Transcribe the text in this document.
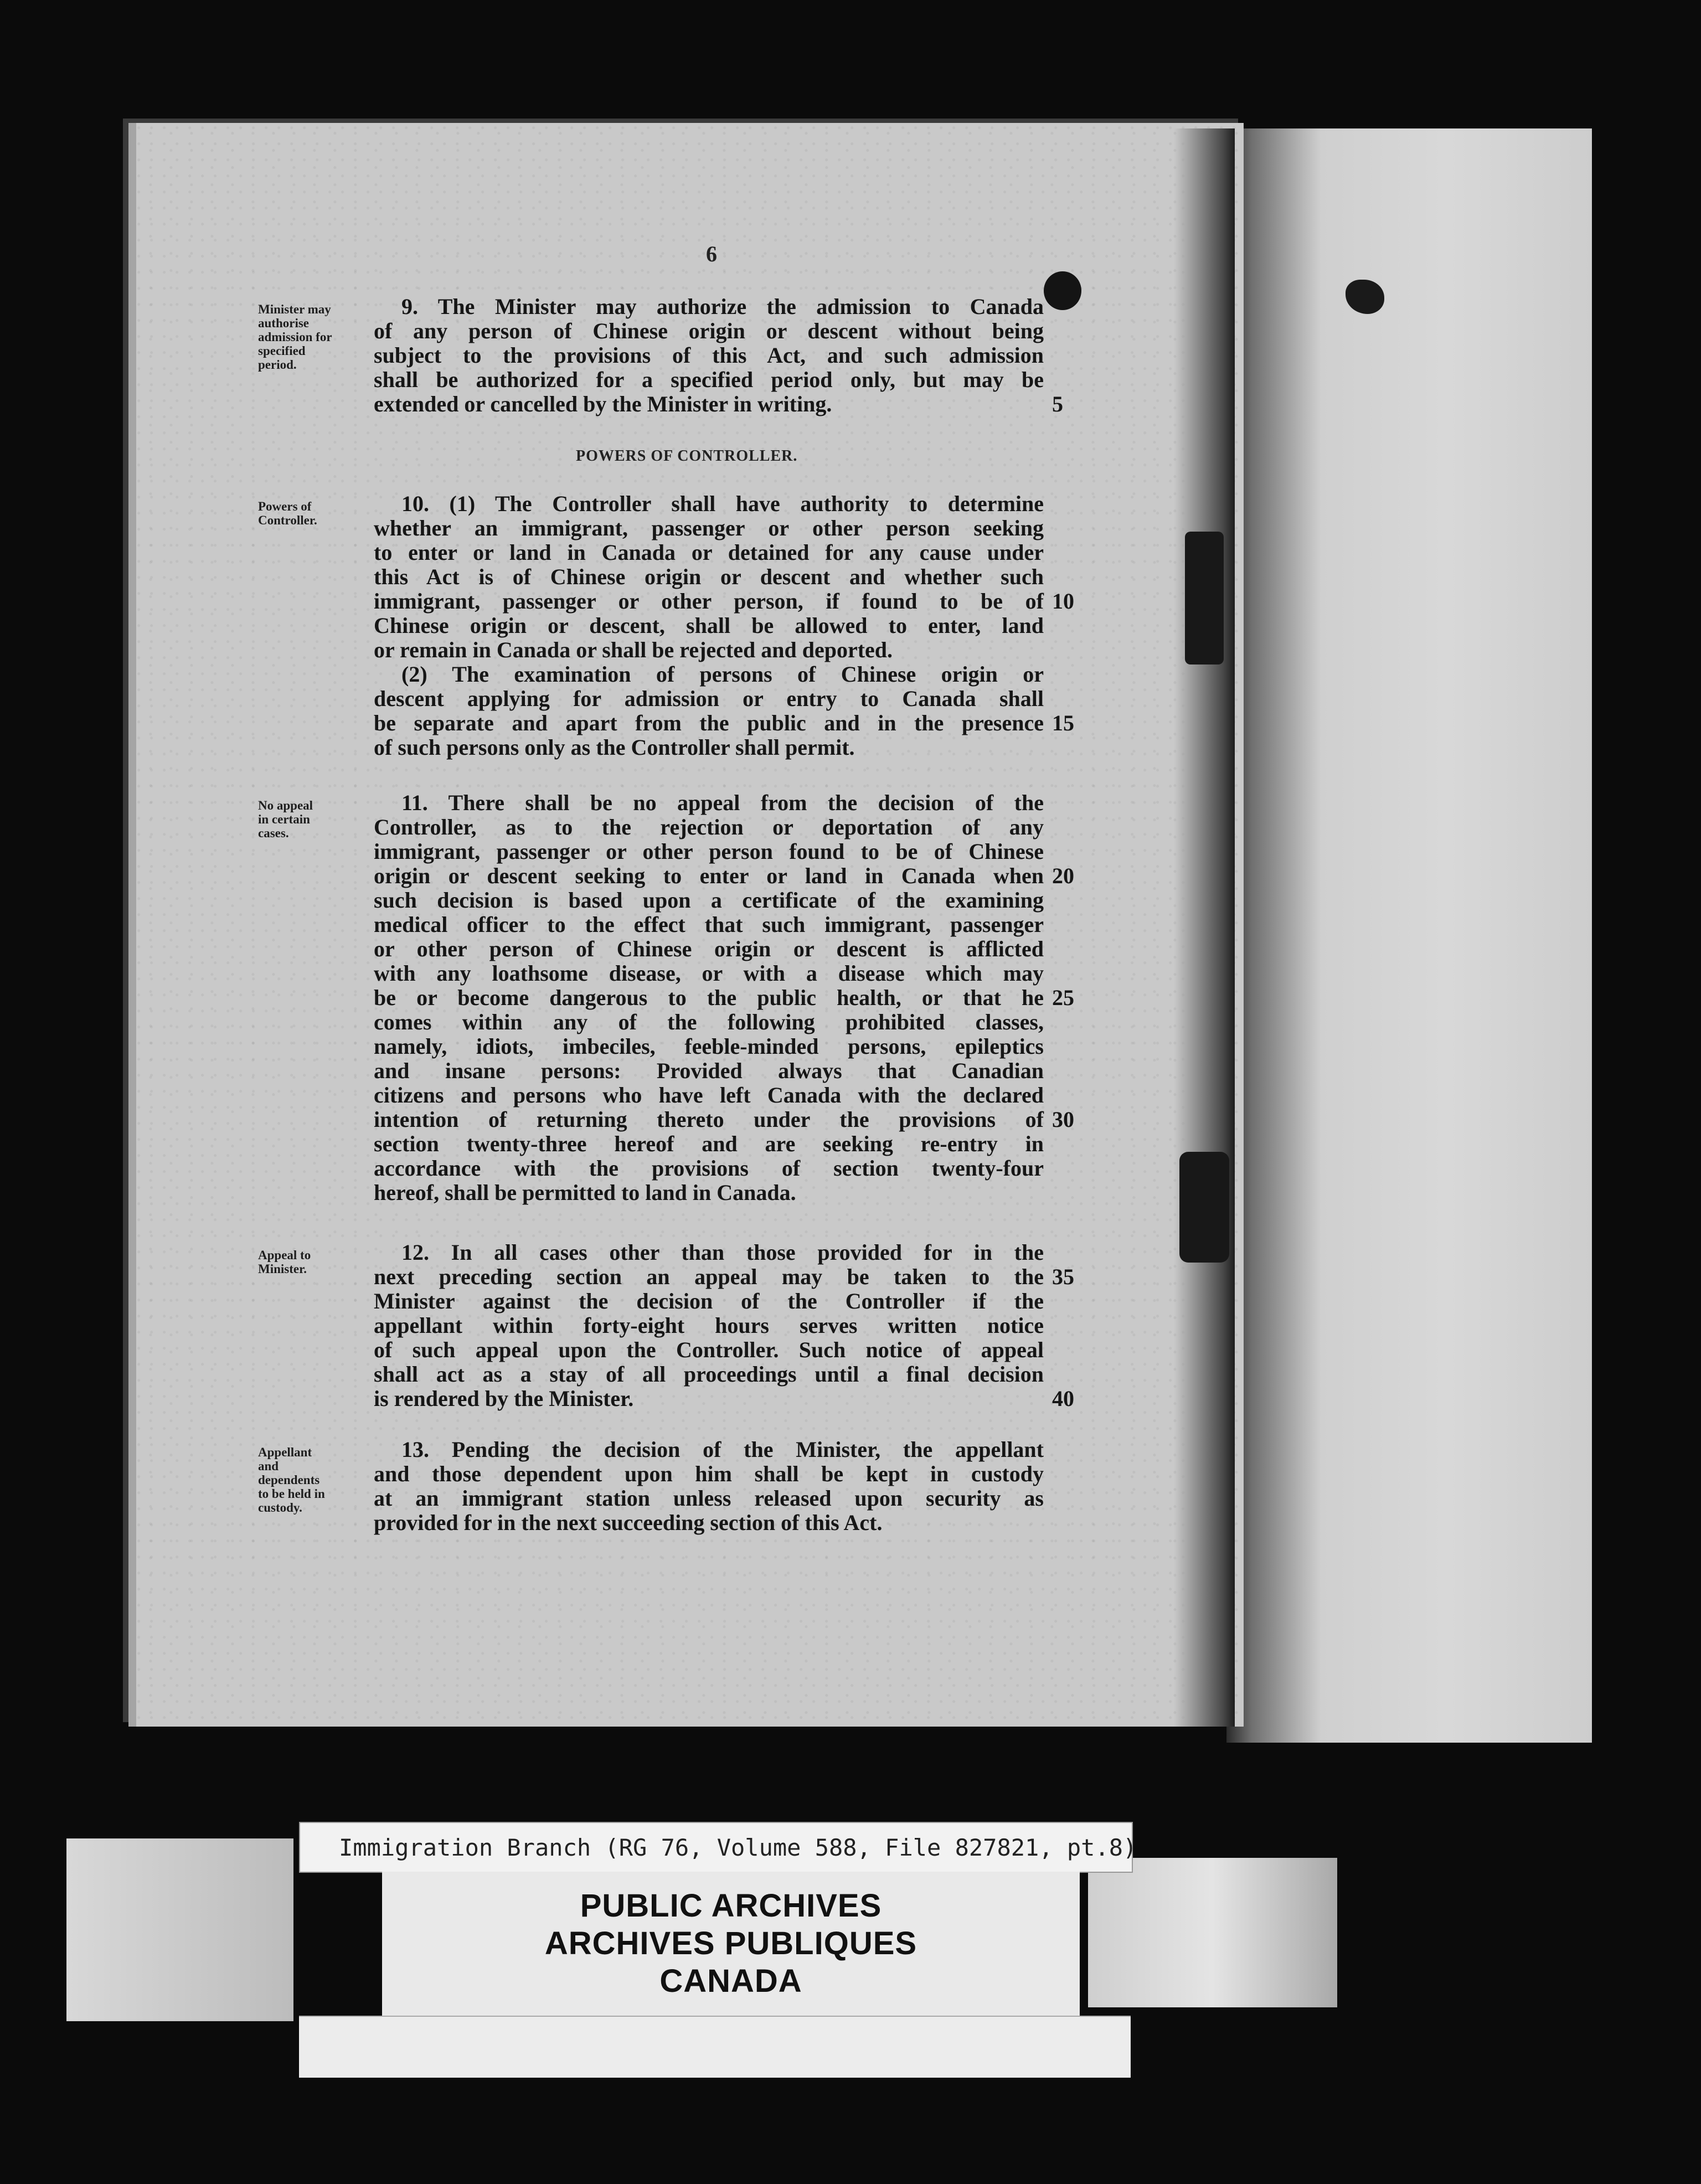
6
POWERS OF CONTROLLER.
Minister may
authorise
admission for
specified
period.
Powers of
Controller.
No appeal
in certain
cases.
Appeal to
Minister.
Appellant
and
dependents
to be held in
custody.
9. The Minister may authorize the admission to Canada
of any person of Chinese origin or descent without being
subject to the provisions of this Act, and such admission
shall be authorized for a specified period only, but may be
extended or cancelled by the Minister in writing.	5
10. (1) The Controller shall have authority to determine
whether an immigrant, passenger or other person seeking
to enter or land in Canada or detained for any cause under
this Act is of Chinese origin or descent and whether such
immigrant, passenger or other person, if found to be of 10
Chinese origin or descent, shall be allowed to enter, land
or remain in Canada or shall be rejected and deported.
(2) The examination of persons of Chinese origin or
descent applying for admission or entry to Canada shall
be separate and apart from the public and in the presence 15
of such persons only as the Controller shall permit.
11. There shall be no appeal from the decision of the
Controller, as to the rejection or deportation of any
immigrant, passenger or other person found to be of Chinese
origin or descent seeking to enter or land in Canada when 20
such decision is based upon a certificate of the examining
medical officer to the effect that such immigrant, passenger
or other person of Chinese origin or descent is afflicted
with any loathsome disease, or with a disease which may
be or become dangerous to the public health, or that he 25
comes within any of the following prohibited classes,
namely, idiots, imbeciles, feeble-minded persons, epileptics
and insane persons: Provided always that Canadian
citizens and persons who have left Canada with the declared
intention of returning thereto under the provisions of 30
section twenty-three hereof and are seeking re-entry in
accordance with the provisions of section twenty-four
hereof, shall be permitted to land in Canada.
12. In all cases other than those provided for in the
next preceding section an appeal may be taken to the 35
Minister against the decision of the Controller if the
appellant within forty-eight hours serves written notice
of such appeal upon the Controller. Such notice of appeal
shall act as a stay of all proceedings until a final decision
is rendered by the Minister.	40
13. Pending the decision of the Minister, the appellant
and those dependent upon him shall be kept in custody
at an immigrant station unless released upon security as
provided for in the next succeeding section of this Act.
Immigration Branch (RG 76, Volume 588, File 827821, pt.8)
PUBLIC ARCHIVES
ARCHIVES PUBLIQUES
CANADA
